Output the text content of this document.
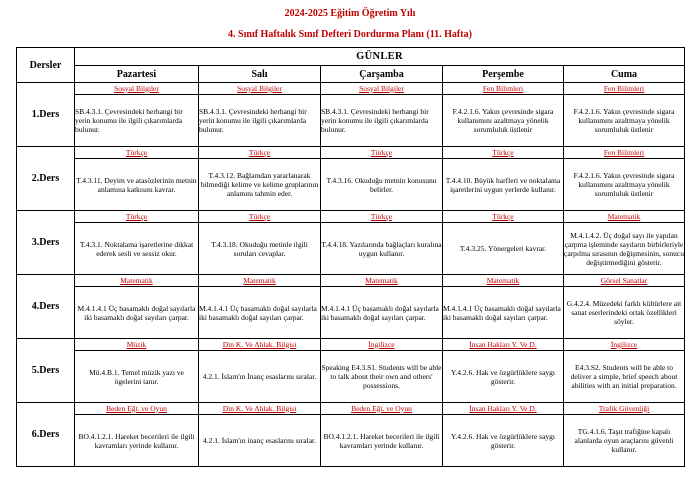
2024-2025 Eğitim Öğretim Yılı
4. Sınıf Haftalık Sınıf Defteri Dordurma Planı (11. Hafta)
Dersler	GÜNLER				
	Pazartesi	Salı	Çarşamba	Perşembe	Cuma
1.Ders	Sosyal Bilgiler	Sosyal Bilgiler	Sosyal Bilgiler	Fen Bilimleri	Fen Bilimleri
	SB.4.3.1. Çevresindeki herhangi bir yerin konumu ile ilgili çıkarımlarda bulunur.	SB.4.3.1. Çevresindeki herhangi bir yerin konumu ile ilgili çıkarımlarda bulunur.	SB.4.3.1. Çevresindeki herhangi bir yerin konumu ile ilgili çıkarımlarda bulunur.	F.4.2.1.6. Yakın çevresinde sigara kullanımını azaltmaya yönelik sorumluluk üstlenir	F.4.2.1.6. Yakın çevresinde sigara kullanımını azaltmaya yönelik sorumluluk üstlenir
2.Ders	Türkçe	Türkçe	Türkçe	Türkçe	Fen Bilimleri
	T.4.3.11. Deyim ve atasözlerinin metnin anlamına katkısını kavrar.	T.4.3.12. Bağlamdan yararlanarak bilmediği kelime ve kelime gruplarının anlamını tahmin eder.	T.4.3.16. Okuduğu metnin konusunu belirler.	T.4.4.10. Büyük harfleri ve noktalama işaretlerini uygun yerlerde kullanır.	F.4.2.1.6. Yakın çevresinde sigara kullanımını azaltmaya yönelik sorumluluk üstlenir
3.Ders	Türkçe	Türkçe	Türkçe	Türkçe	Matematik
	T.4.3.1. Noktalama işaretlerine dikkat ederek sesli ve sessiz okur.	T.4.3.18. Okuduğu metinle ilgili soruları cevaplar.	T.4.4.18. Yazılarında bağlaçları kuralına uygun kullanır.	T.4.3.25. Yönergeleri kavrar.	M.4.1.4.2. Üç doğal sayı ile yapılan çarpma işleminde sayıların birbirleriyle çarpılma sırasının değişmesinin, sonucu değiştirmediğini gösterir.
4.Ders	Matematik	Matematik	Matematik	Matematik	Görsel Sanatlar
	M.4.1.4.1 Üç basamaklı doğal sayılarla iki basamaklı doğal sayıları çarpar.	M.4.1.4.1 Üç basamaklı doğal sayılarla iki basamaklı doğal sayıları çarpar.	M.4.1.4.1 Üç basamaklı doğal sayılarla iki basamaklı doğal sayıları çarpar.	M.4.1.4.1 Üç basamaklı doğal sayılarla iki basamaklı doğal sayıları çarpar.	G.4.2.4. Müzedeki farklı kültürlere ait sanat eserlerindeki ortak özellikleri söyler.
5.Ders	Müzik	Din K. Ve Ahlak. Bilgisi	İngilizce	İnsan Hakları Y. Ve D.	İngilizce
	Mü.4.B.1. Temel müzik yazı ve ögelerini tanır.	4.2.1. İslam'ın İnanç esaslarını sıralar.	Speaking E4.3.S1. Students will be able to talk about their own and others' possessions.	Y.4.2.6. Hak ve özgürlüklere saygı gösterir.	E4.3.S2. Students will be able to deliver a simple, brief speech about abilities with an initial preparation.
6.Ders	Beden Eğt. ve Oyun	Din K. Ve Ahlak. Bilgisi	Beden Eğt. ve Oyun	İnsan Hakları Y. Ve D.	Trafik Güvenliği
	BO.4.1.2.1. Hareket becerileri ile ilgili kavramları yerinde kullanır.	4.2.1. İslam'ın inanç esaslarını sıralar.	BO.4.1.2.1. Hareket becerileri ile ilgili kavramları yerinde kullanır.	Y.4.2.6. Hak ve özgürlüklere saygı gösterir.	TG.4.1.6. Taşıt trafiğine kapalı alanlarda oyun araçlarını güvenli kullanır.
